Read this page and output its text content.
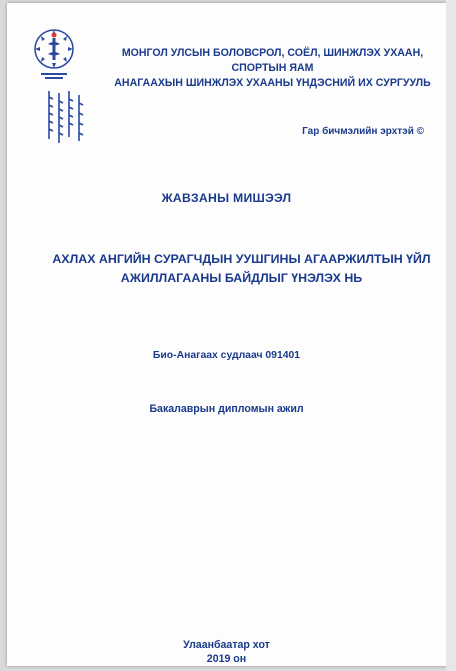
МОНГОЛ УЛСЫН БОЛОВСРОЛ, СОЁЛ, ШИНЖЛЭХ УХААН, СПОРТЫН ЯАМ
АНАГААХЫН ШИНЖЛЭХ УХААНЫ ҮНДЭСНИЙ ИХ СУРГУУЛЬ
Гар бичмэлийн эрхтэй ©
ЖАВЗАНЫ МИШЭЭЛ
АХЛАХ АНГИЙН СУРАГЧДЫН УУШГИНЫ АГААРЖИЛТЫН ҮЙЛ
АЖИЛЛАГААНЫ БАЙДЛЫГ ҮНЭЛЭХ НЬ
Био-Анагаах судлаач 091401
Бакалаврын дипломын ажил
Улаанбаатар хот
2019 он
